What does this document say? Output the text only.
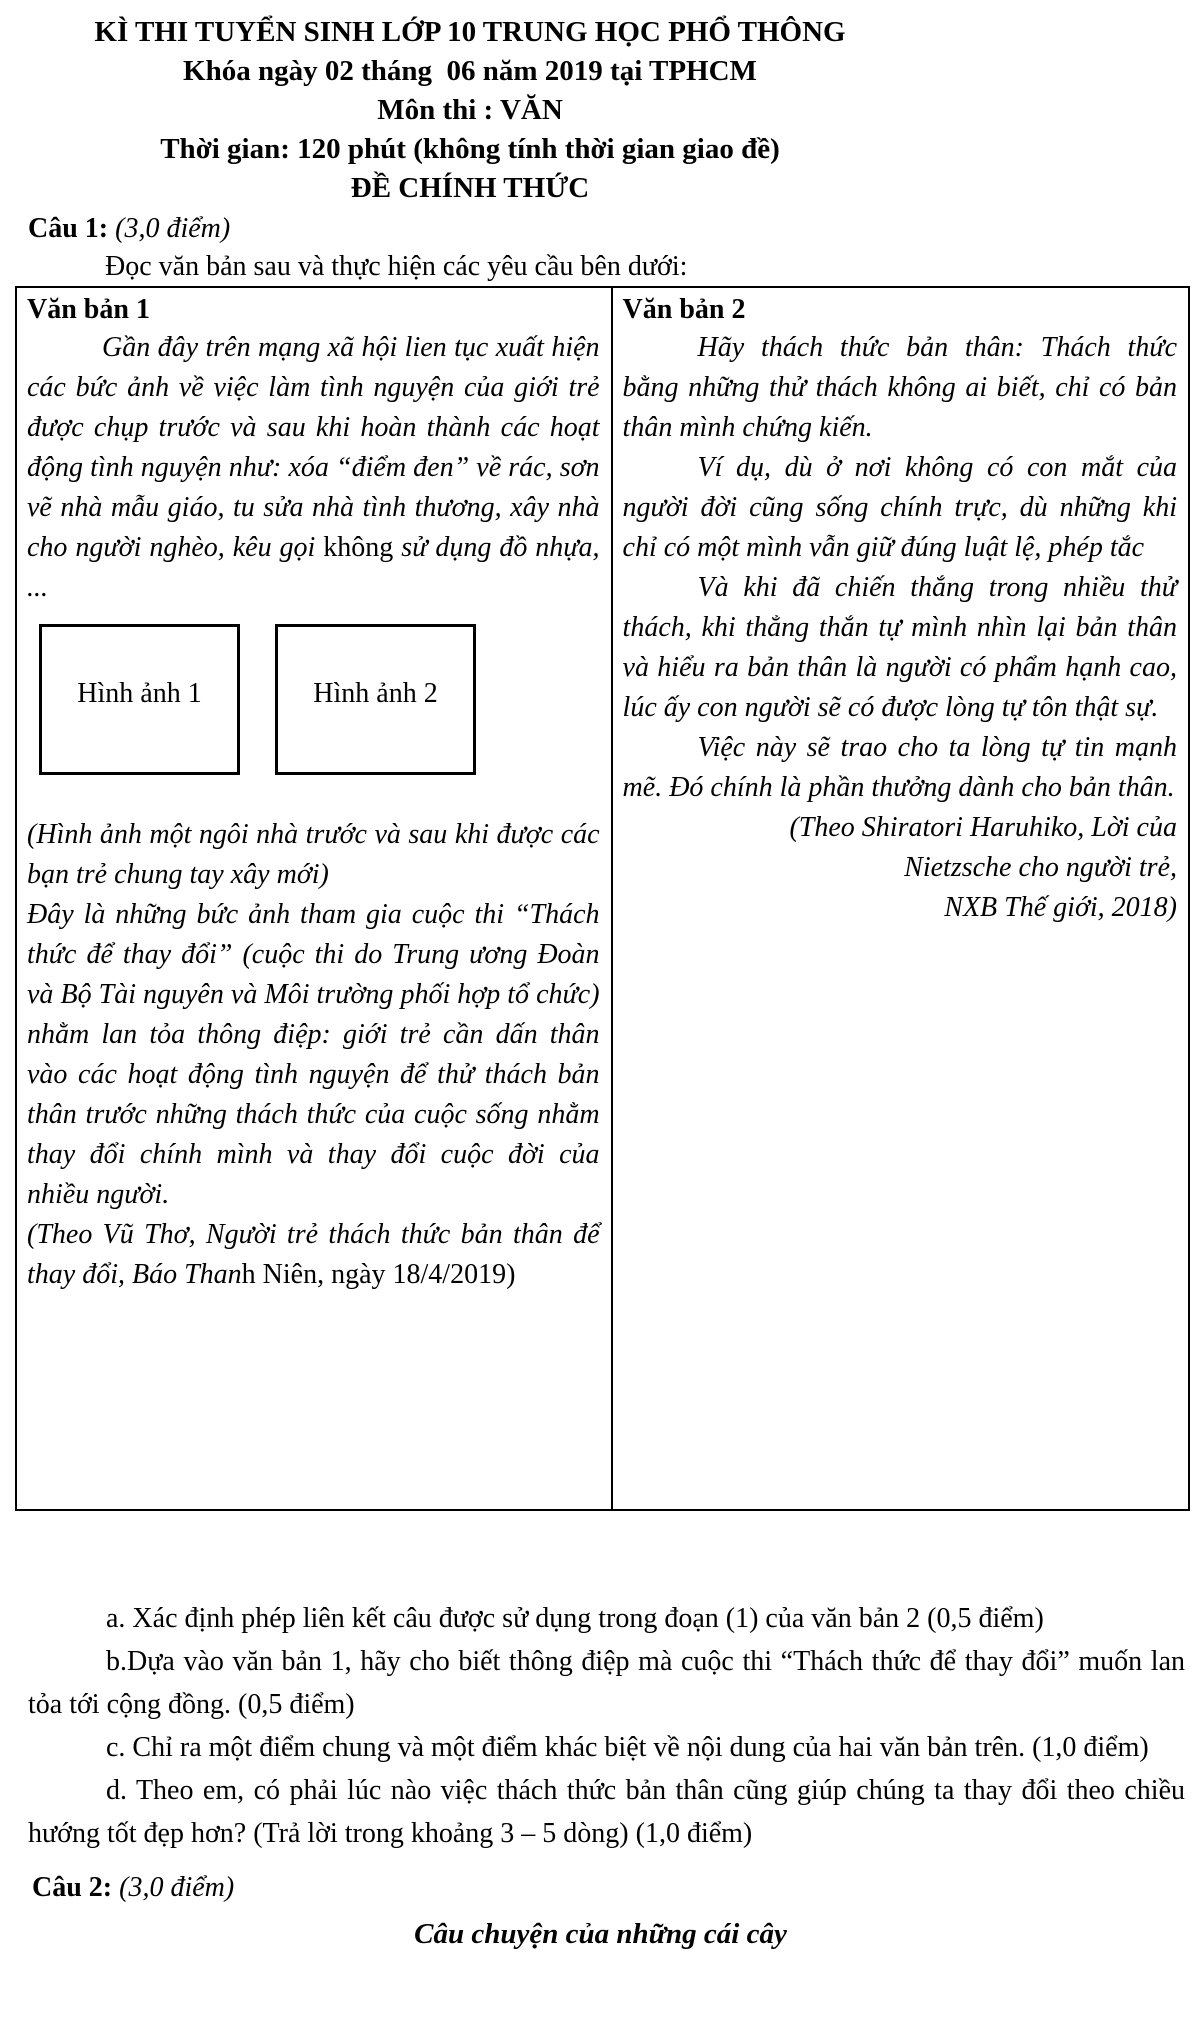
KÌ THI TUYỂN SINH LỚP 10 TRUNG HỌC PHỔ THÔNG
Khóa ngày 02 tháng  06 năm 2019 tại TPHCM
Môn thi : VĂN
Thời gian: 120 phút (không tính thời gian giao đề)
ĐỀ CHÍNH THỨC
Câu 1: (3,0 điểm)
Đọc văn bản sau và thực hiện các yêu cầu bên dưới:
Văn bản 1

Gần đây trên mạng xã hội lien tục xuất hiện các bức ảnh về việc làm tình nguyện của giới trẻ được chụp trước và sau khi hoàn thành các hoạt động tình nguyện như: xóa “điểm đen” về rác, sơn vẽ nhà mẫu giáo, tu sửa nhà tình thương, xây nhà cho người nghèo, kêu gọi không sử dụng đồ nhựa, ...

Hình ảnh 1	Hình ảnh 2

(Hình ảnh một ngôi nhà trước và sau khi được các bạn trẻ chung tay xây mới)

Đây là những bức ảnh tham gia cuộc thi “Thách thức để thay đổi” (cuộc thi do Trung ương Đoàn và Bộ Tài nguyên và Môi trường phối hợp tổ chức) nhằm lan tỏa thông điệp: giới trẻ cần dấn thân vào các hoạt động tình nguyện để thử thách bản thân trước những thách thức của cuộc sống nhằm thay đổi chính mình và thay đổi cuộc đời của nhiều người.

(Theo Vũ Thơ, Người trẻ thách thức bản thân để thay đổi, Báo Thanh Niên, ngày 18/4/2019)

Văn bản 2

Hãy thách thức bản thân: Thách thức bằng những thử thách không ai biết, chỉ có bản thân mình chứng kiến.

Ví dụ, dù ở nơi không có con mắt của người đời cũng sống chính trực, dù những khi chỉ có một mình vẫn giữ đúng luật lệ, phép tắc

Và khi đã chiến thắng trong nhiều thử thách, khi thẳng thắn tự mình nhìn lại bản thân và hiểu ra bản thân là người có phẩm hạnh cao, lúc ấy con người sẽ có được lòng tự tôn thật sự.

Việc này sẽ trao cho ta lòng tự tin mạnh mẽ. Đó chính là phần thưởng dành cho bản thân.

(Theo Shiratori Haruhiko, Lời của
Nietzsche cho người trẻ,
NXB Thế giới, 2018)

a. Xác định phép liên kết câu được sử dụng trong đoạn (1) của văn bản 2 (0,5 điểm)

b.Dựa vào văn bản 1, hãy cho biết thông điệp mà cuộc thi “Thách thức để thay đổi” muốn lan tỏa tới cộng đồng. (0,5 điểm)

c. Chỉ ra một điểm chung và một điểm khác biệt về nội dung của hai văn bản trên. (1,0 điểm)

d. Theo em, có phải lúc nào việc thách thức bản thân cũng giúp chúng ta thay đổi theo chiều hướng tốt đẹp hơn? (Trả lời trong khoảng 3 – 5 dòng) (1,0 điểm)

Câu 2: (3,0 điểm)
Câu chuyện của những cái cây
